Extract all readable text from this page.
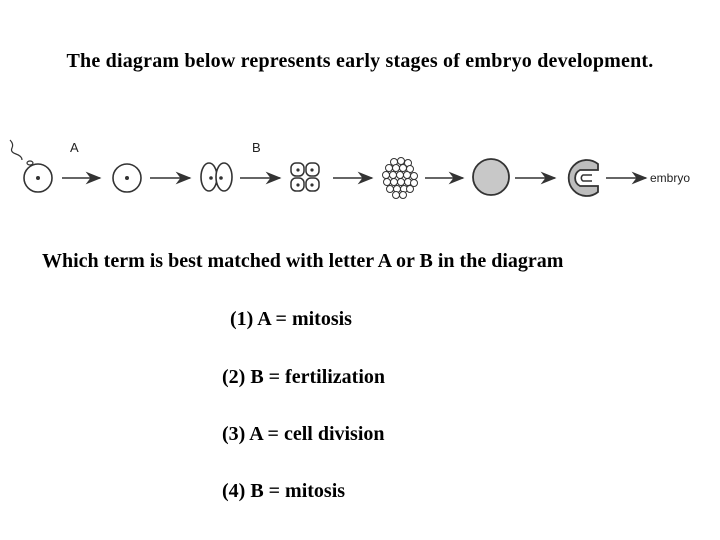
The diagram below represents early stages of embryo development.
A	B
embryo
Which term is best matched with letter A or B in the diagram
(1) A = mitosis
(2) B = fertilization
(3) A = cell division
(4) B = mitosis
